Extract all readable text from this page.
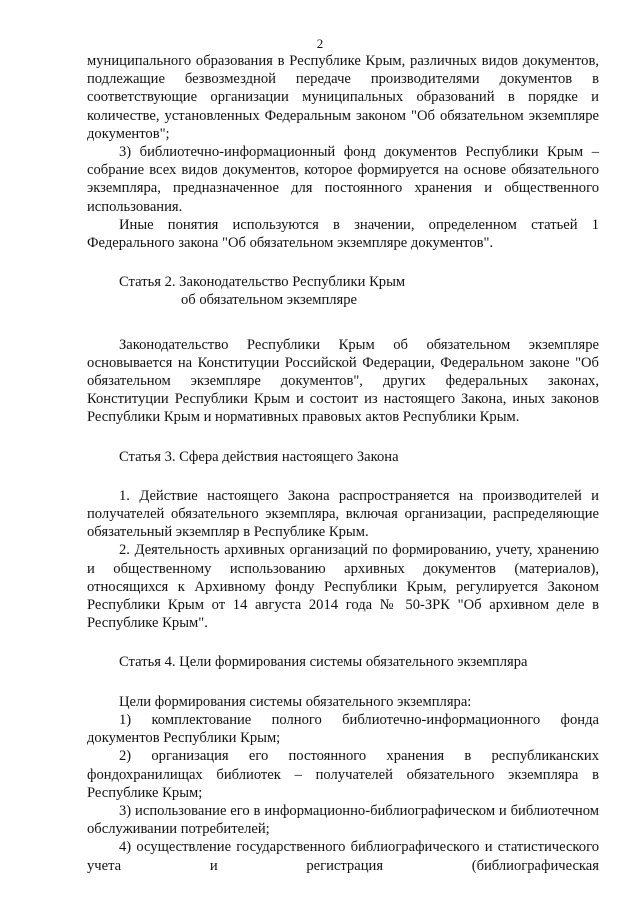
2

муниципального образования в Республике Крым, различных видов документов, подлежащие безвозмездной передаче производителями документов в соответствующие организации муниципальных образований в порядке и количестве, установленных Федеральным законом "Об обязательном экземпляре документов";

3) библиотечно-информационный фонд документов Республики Крым – собрание всех видов документов, которое формируется на основе обязательного экземпляра, предназначенное для постоянного хранения и общественного использования.

Иные понятия используются в значении, определенном статьей 1 Федерального закона "Об обязательном экземпляре документов".

Статья 2. Законодательство Республики Крым
об обязательном экземпляре

Законодательство Республики Крым об обязательном экземпляре основывается на Конституции Российской Федерации, Федеральном законе "Об обязательном экземпляре документов", других федеральных законах, Конституции Республики Крым и состоит из настоящего Закона, иных законов Республики Крым и нормативных правовых актов Республики Крым.

Статья 3. Сфера действия настоящего Закона

1. Действие настоящего Закона распространяется на производителей и получателей обязательного экземпляра, включая организации, распределяющие обязательный экземпляр в Республике Крым.

2. Деятельность архивных организаций по формированию, учету, хранению и общественному использованию архивных документов (материалов), относящихся к Архивному фонду Республики Крым, регулируется Законом Республики Крым от 14 августа 2014 года № 50-ЗРК "Об архивном деле в Республике Крым".

Статья 4. Цели формирования системы обязательного экземпляра

Цели формирования системы обязательного экземпляра:

1) комплектование полного библиотечно-информационного фонда документов Республики Крым;

2) организация его постоянного хранения в республиканских фондохранилищах библиотек – получателей обязательного экземпляра в Республике Крым;

3) использование его в информационно-библиографическом и библиотечном обслуживании потребителей;

4) осуществление государственного библиографического и статистического учета и регистрация (библиографическая
